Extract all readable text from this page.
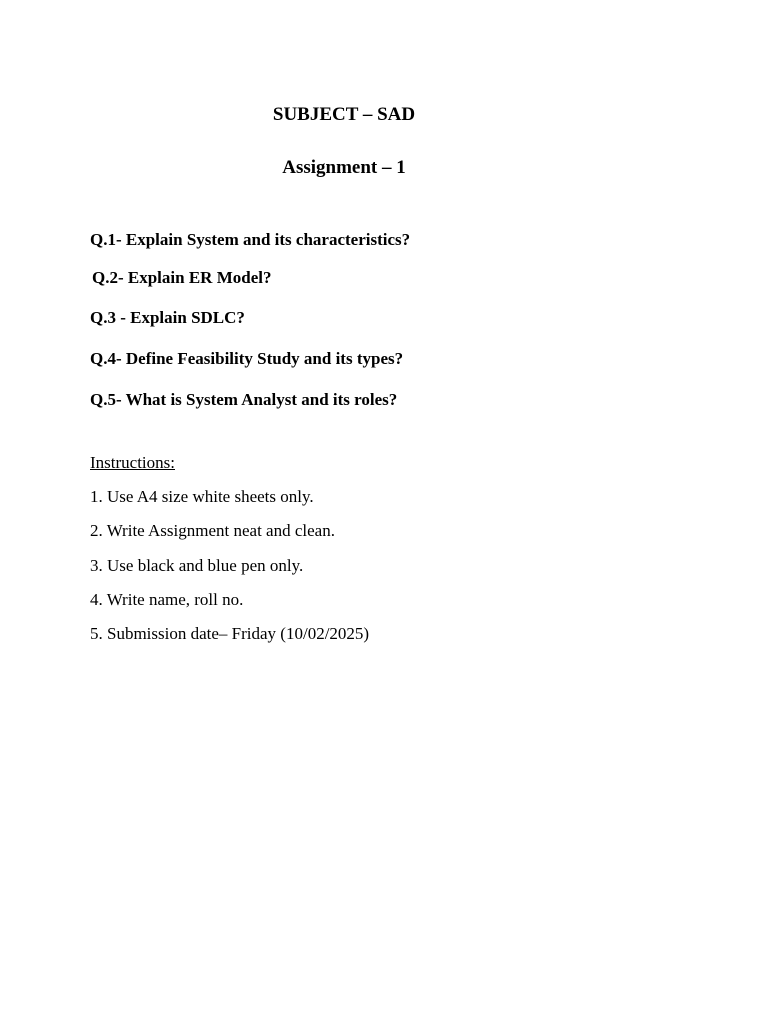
SUBJECT – SAD
Assignment – 1
Q.1- Explain System and its characteristics?
Q.2- Explain ER Model?
Q.3 - Explain SDLC?
Q.4- Define Feasibility Study and its types?
Q.5- What is System Analyst and its roles?
Instructions:
1. Use A4 size white sheets only.
2. Write Assignment neat and clean.
3. Use black and blue pen only.
4. Write name, roll no.
5. Submission date– Friday (10/02/2025)
